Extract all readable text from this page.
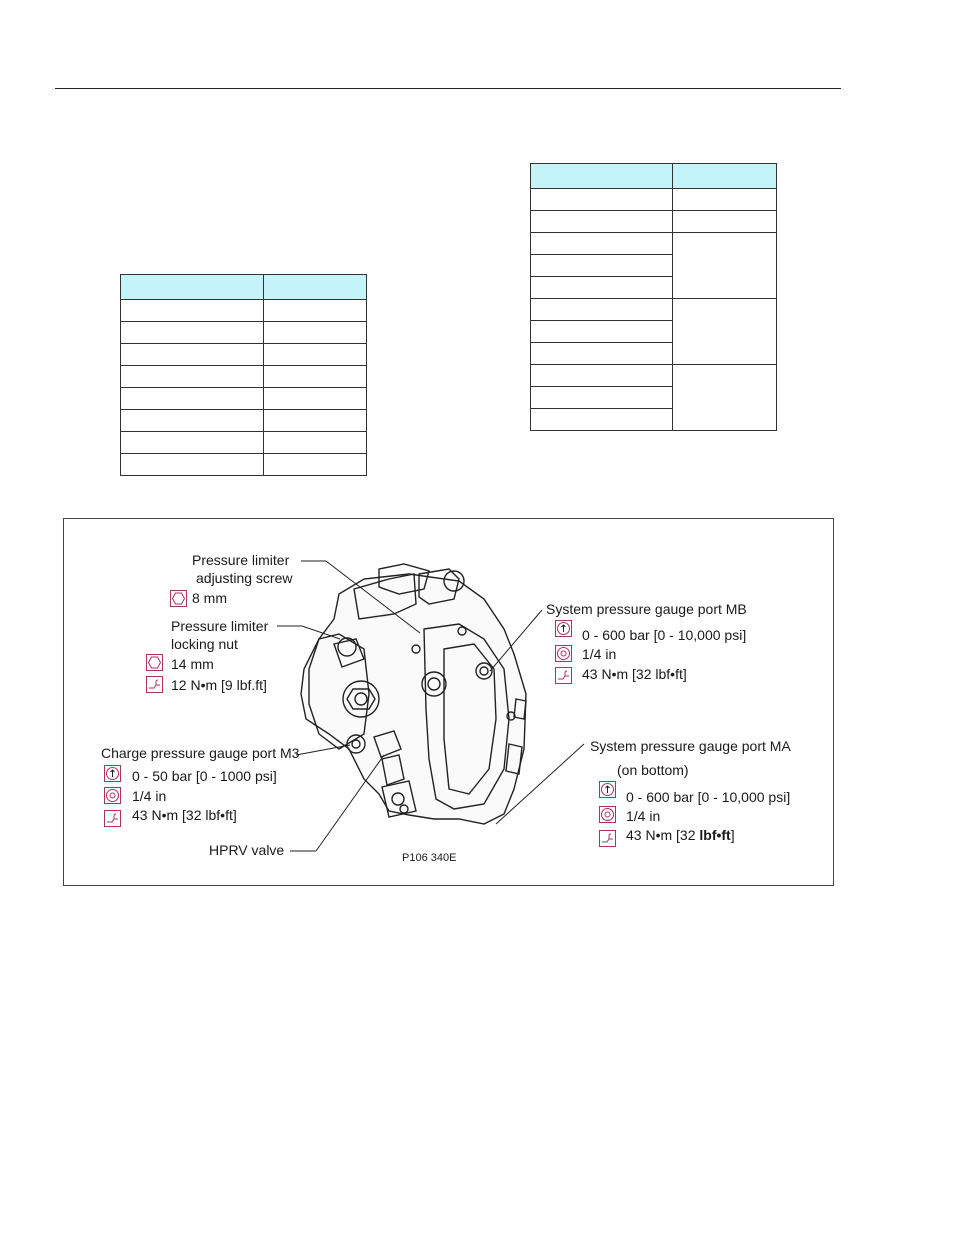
Pressure limiter
adjusting screw
8 mm
Pressure limiter
locking nut
14 mm
12 N•m [9 lbf.ft]
Charge pressure gauge port M3
0 - 50 bar [0 - 1000 psi]
1/4 in
43 N•m [32 lbf•ft]
HPRV valve	P106 340E
System pressure gauge port MB
0 - 600 bar [0 - 10,000 psi]
1/4 in
43 N•m [32 lbf•ft]
System pressure gauge port MA
(on bottom)
0 - 600 bar [0 - 10,000 psi]
1/4 in
43 N•m [32 lbf•ft]
